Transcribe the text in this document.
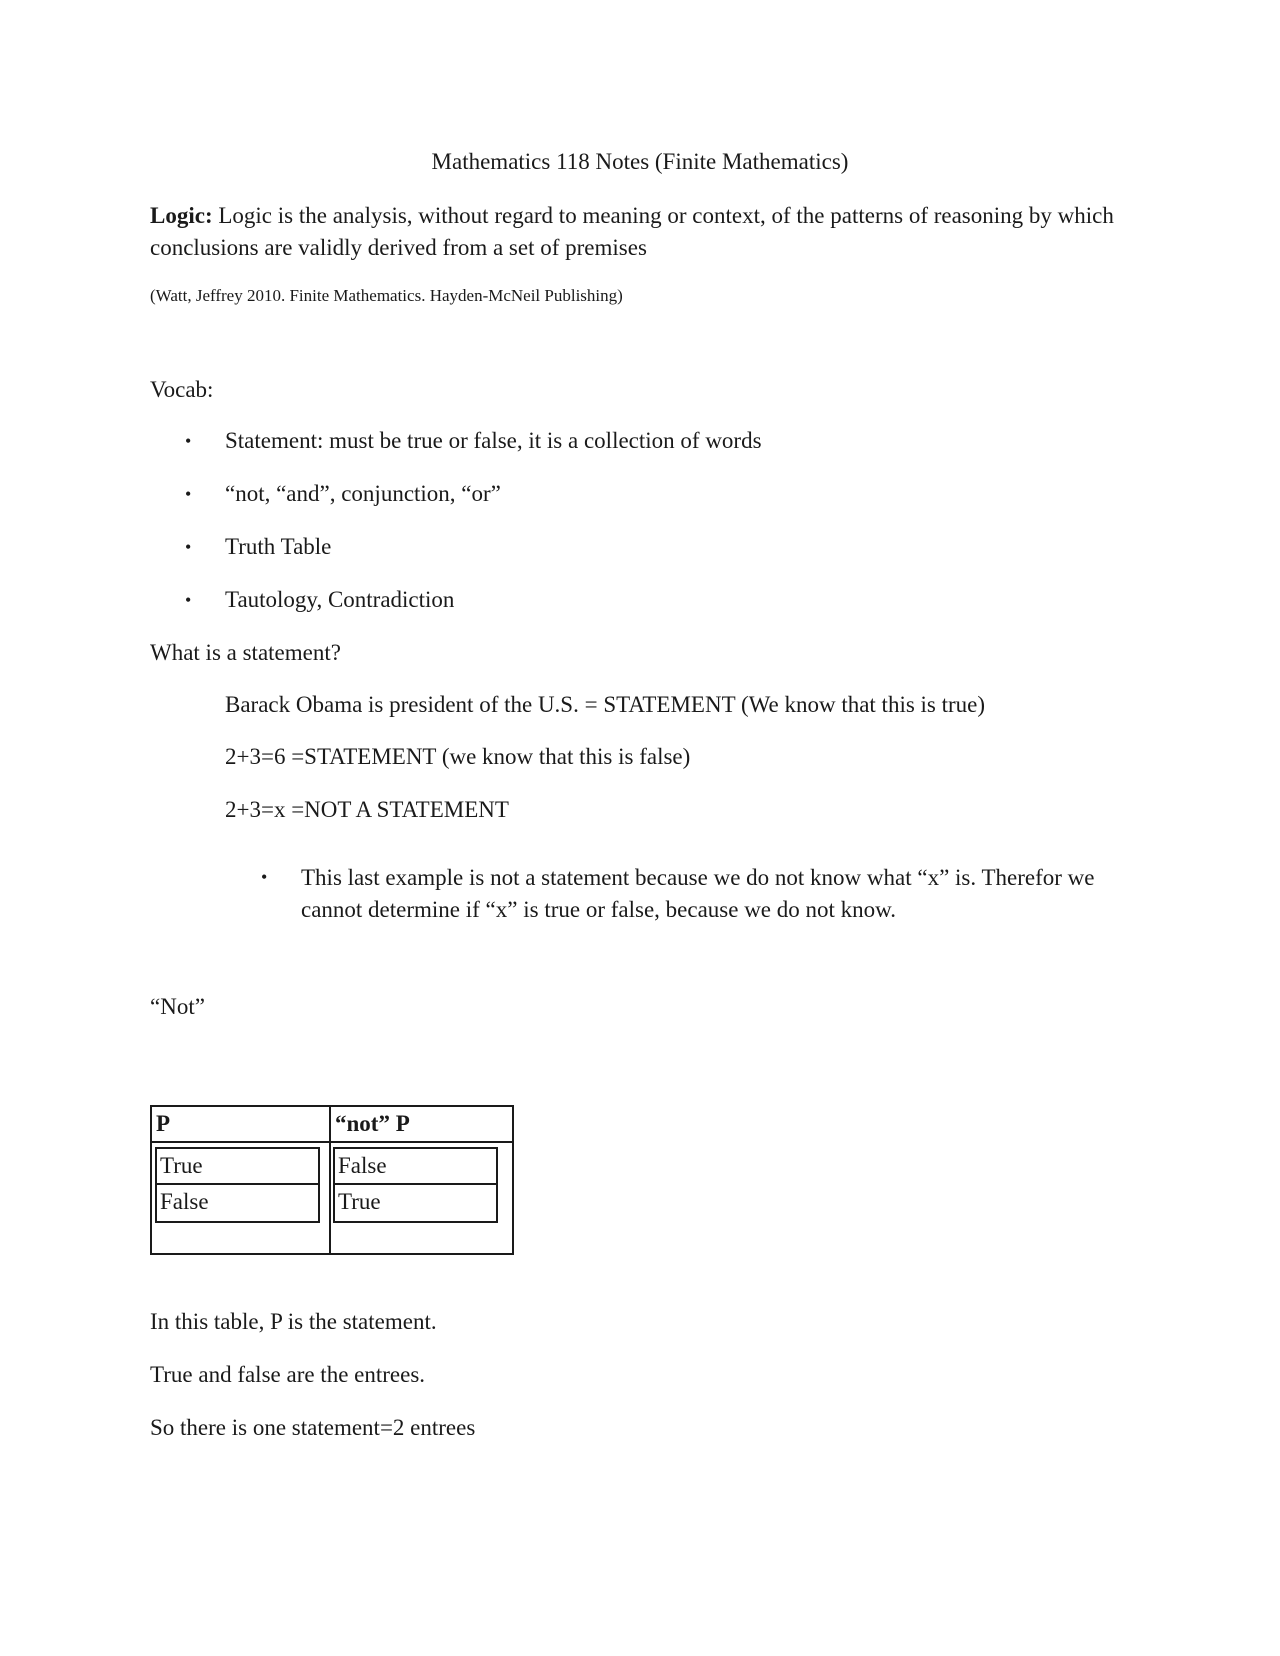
Mathematics 118 Notes (Finite Mathematics)
Logic: Logic is the analysis, without regard to meaning or context, of the patterns of reasoning by which conclusions are validly derived from a set of premises
(Watt, Jeffrey 2010. Finite Mathematics. Hayden-McNeil Publishing)
Vocab:
• Statement: must be true or false, it is a collection of words
• “not, “and”, conjunction, “or”
• Truth Table
• Tautology, Contradiction
What is a statement?
Barack Obama is president of the U.S. = STATEMENT (We know that this is true)
2+3=6 =STATEMENT (we know that this is false)
2+3=x =NOT A STATEMENT
• This last example is not a statement because we do not know what “x” is. Therefor we cannot determine if “x” is true or false, because we do not know.
“Not”
P	“not” P
True
False
False
True
In this table, P is the statement.
True and false are the entrees.
So there is one statement=2 entrees
